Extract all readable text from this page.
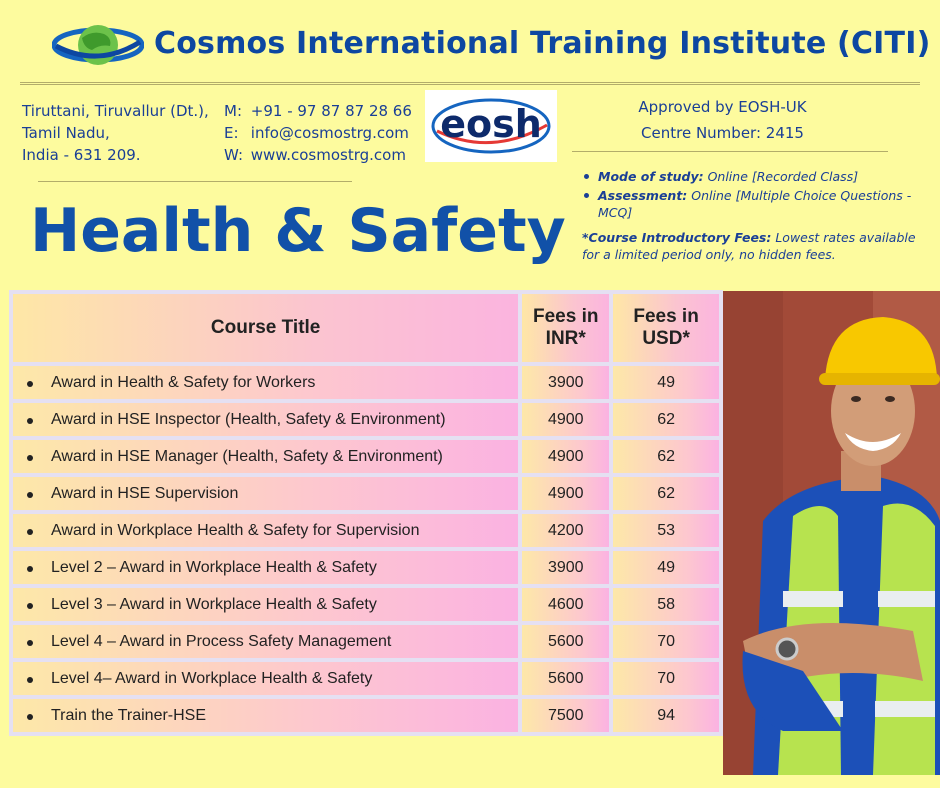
Cosmos International Training Institute (CITI)
Tiruttani, Tiruvallur (Dt.),
Tamil Nadu,
India - 631 209.
M: +91 - 97 87 87 28 66
E: info@cosmostrg.com
W: www.cosmostrg.com
eosh	Approved by EOSH-UK
Centre Number: 2415
Health & Safety
Mode of study: Online [Recorded Class]
Assessment: Online [Multiple Choice Questions - MCQ]
*Course Introductory Fees: Lowest rates available for a limited period only, no hidden fees.
Course Title	Fees in INR*	Fees in USD*
Award in Health & Safety for Workers	3900	49
Award in HSE Inspector (Health, Safety & Environment)	4900	62
Award in HSE Manager (Health, Safety & Environment)	4900	62
Award in HSE Supervision	4900	62
Award in Workplace Health & Safety for Supervision	4200	53
Level 2 – Award in Workplace Health & Safety	3900	49
Level 3 – Award in Workplace Health & Safety	4600	58
Level 4 – Award in Process Safety Management	5600	70
Level 4– Award in Workplace Health & Safety	5600	70
Train the Trainer-HSE	7500	94
